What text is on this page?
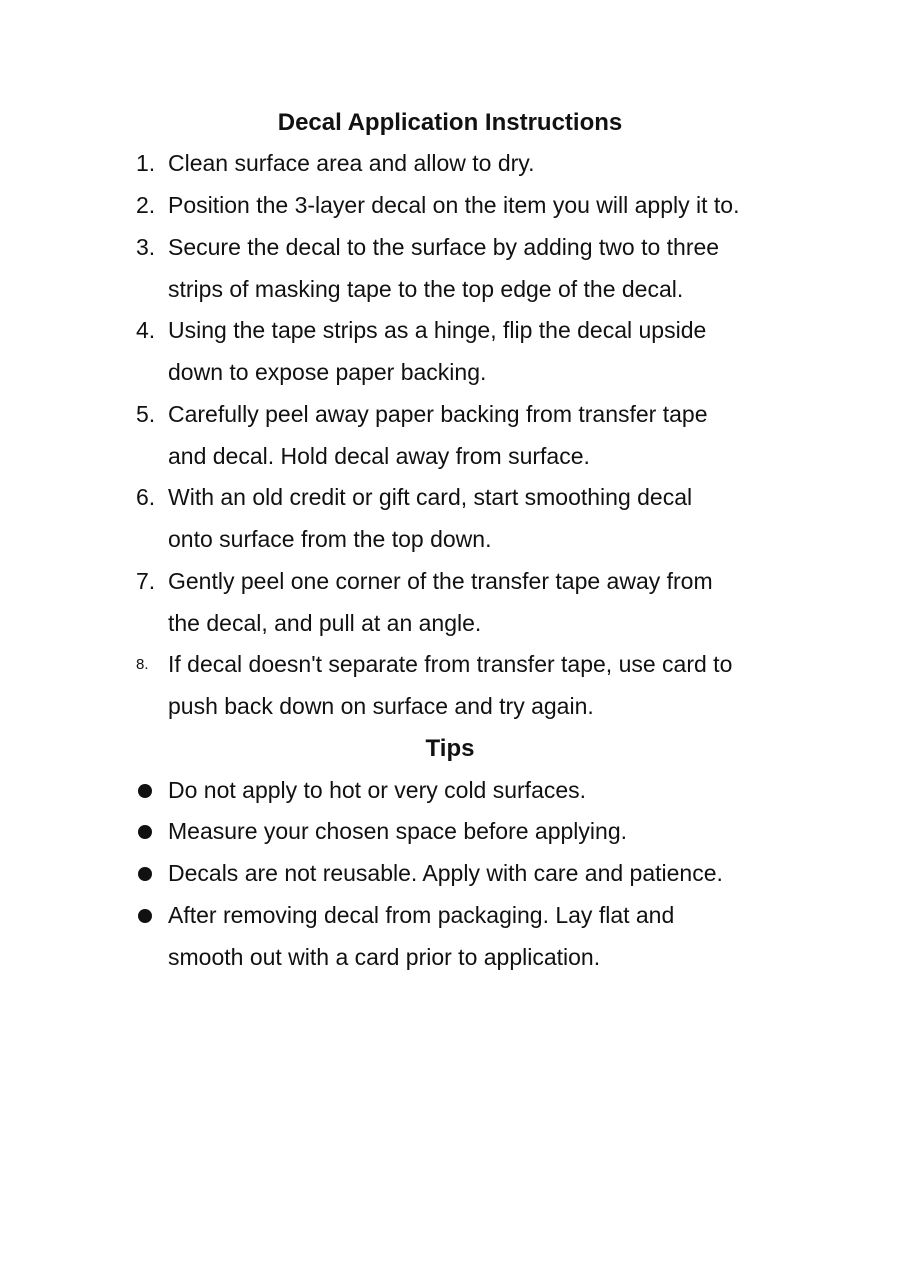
Decal Application Instructions
1. Clean surface area and allow to dry.
2. Position the 3-layer decal on the item you will apply it to.
3. Secure the decal to the surface by adding two to three
strips of masking tape to the top edge of the decal.
4. Using the tape strips as a hinge, flip the decal upside
down to expose paper backing.
5. Carefully peel away paper backing from transfer tape
and decal. Hold decal away from surface.
6. With an old credit or gift card, start smoothing decal
onto surface from the top down.
7. Gently peel one corner of the transfer tape away from
the decal, and pull at an angle.
8. If decal doesn't separate from transfer tape, use card to
push back down on surface and try again.
Tips
Do not apply to hot or very cold surfaces.
Measure your chosen space before applying.
Decals are not reusable. Apply with care and patience.
After removing decal from packaging. Lay flat and
smooth out with a card prior to application.
